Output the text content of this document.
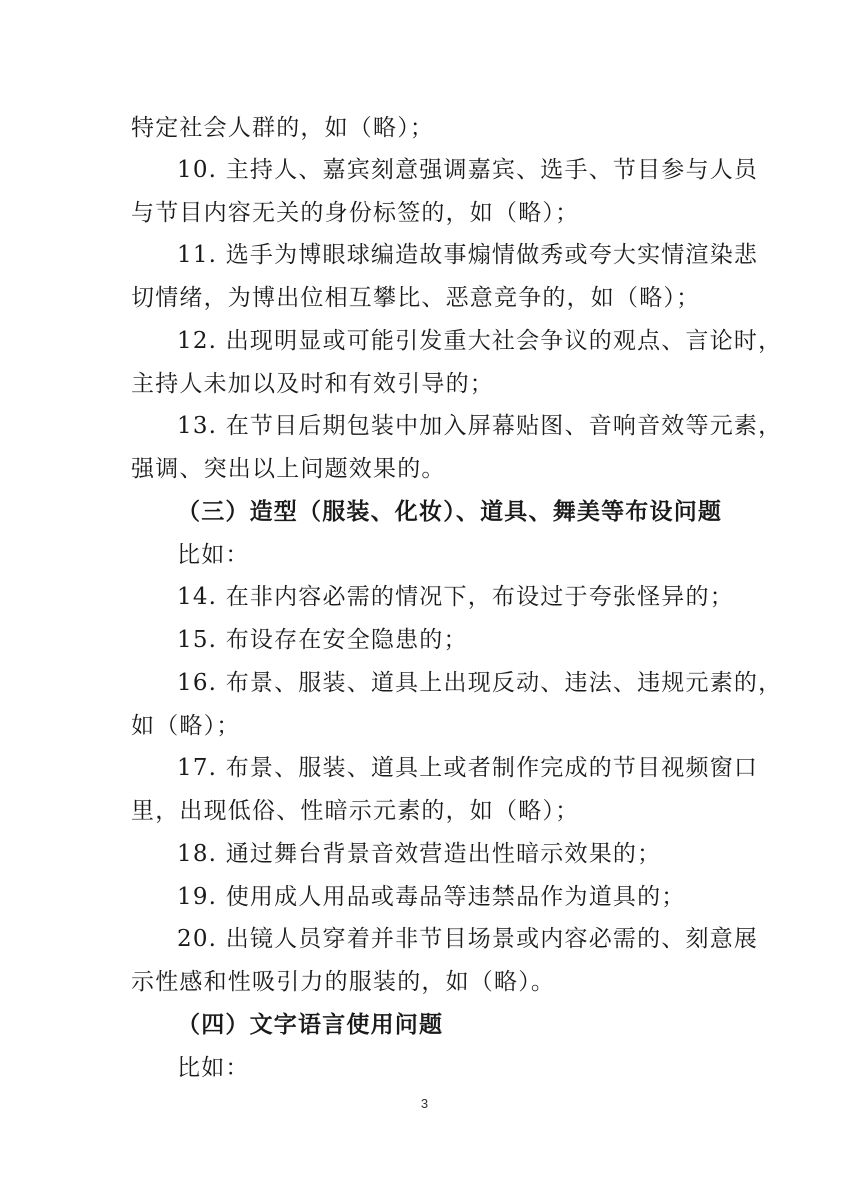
特定社会人群的，如（略）；
10. 主持人、嘉宾刻意强调嘉宾、选手、节目参与人员
与节目内容无关的身份标签的，如（略）；
11. 选手为博眼球编造故事煽情做秀或夸大实情渲染悲
切情绪，为博出位相互攀比、恶意竞争的，如（略）；
12. 出现明显或可能引发重大社会争议的观点、言论时，
主持人未加以及时和有效引导的；
13. 在节目后期包装中加入屏幕贴图、音响音效等元素，
强调、突出以上问题效果的。
（三）造型（服装、化妆）、道具、舞美等布设问题
比如：
14. 在非内容必需的情况下，布设过于夸张怪异的；
15. 布设存在安全隐患的；
16. 布景、服装、道具上出现反动、违法、违规元素的，
如（略）；
17. 布景、服装、道具上或者制作完成的节目视频窗口
里，出现低俗、性暗示元素的，如（略）；
18. 通过舞台背景音效营造出性暗示效果的；
19. 使用成人用品或毒品等违禁品作为道具的；
20. 出镜人员穿着并非节目场景或内容必需的、刻意展
示性感和性吸引力的服装的，如（略）。
（四）文字语言使用问题
比如：
3
